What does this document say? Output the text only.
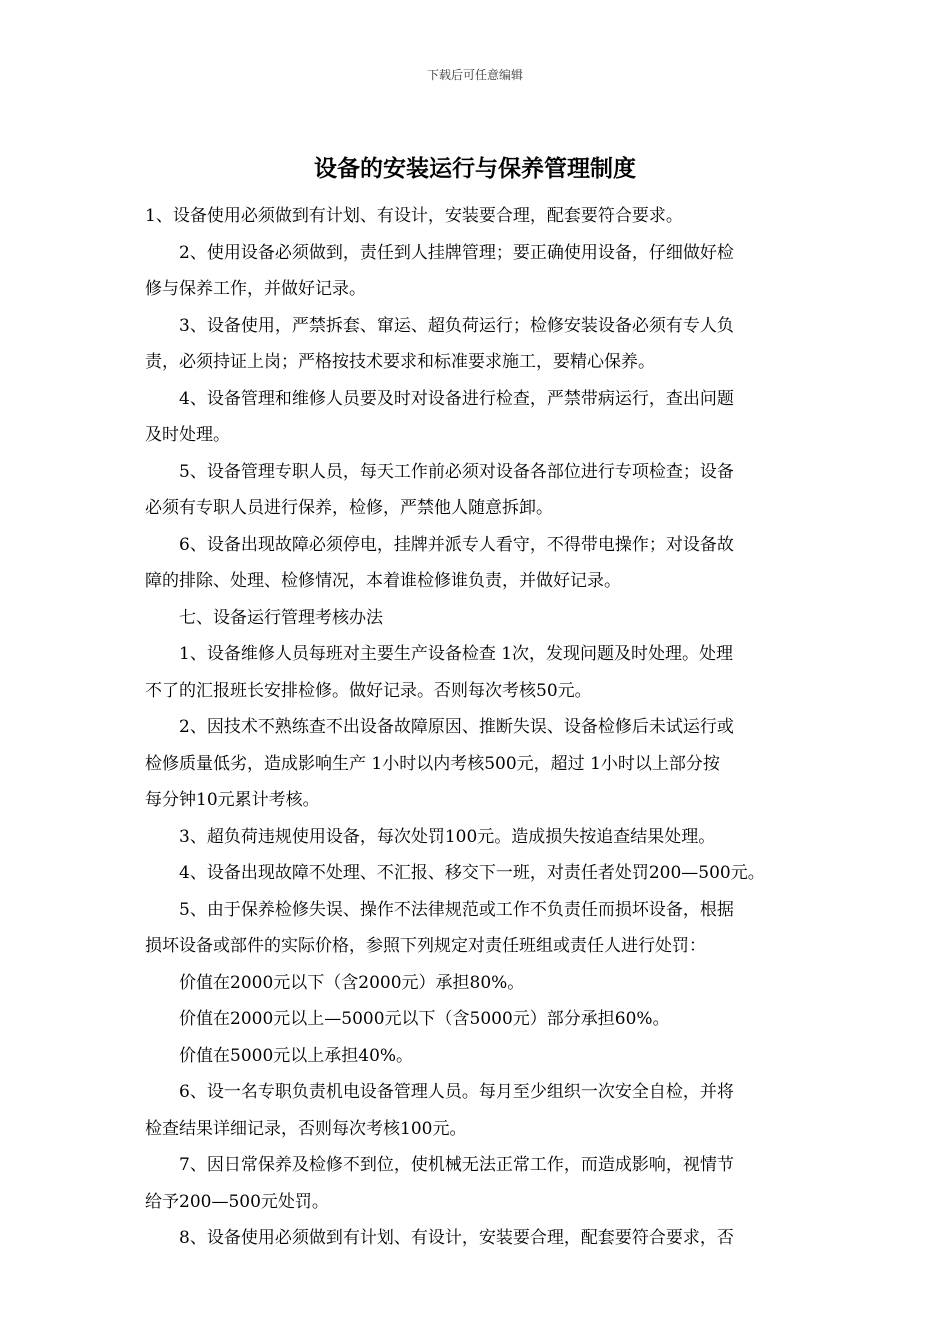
下载后可任意编辑
设备的安装运行与保养管理制度

1、设备使用必须做到有计划、有设计，安装要合理，配套要符合要求。

2、使用设备必须做到，责任到人挂牌管理；要正确使用设备，仔细做好检
修与保养工作，并做好记录。

3、设备使用，严禁拆套、窜运、超负荷运行；检修安装设备必须有专人负
责，必须持证上岗；严格按技术要求和标准要求施工，要精心保养。

4、设备管理和维修人员要及时对设备进行检查，严禁带病运行，查出问题
及时处理。

5、设备管理专职人员，每天工作前必须对设备各部位进行专项检查；设备
必须有专职人员进行保养，检修，严禁他人随意拆卸。

6、设备出现故障必须停电，挂牌并派专人看守，不得带电操作；对设备故
障的排除、处理、检修情况，本着谁检修谁负责，并做好记录。

七、设备运行管理考核办法

1、设备维修人员每班对主要生产设备检查 1次，发现问题及时处理。处理
不了的汇报班长安排检修。做好记录。否则每次考核50元。

2、因技术不熟练查不出设备故障原因、推断失误、设备检修后未试运行或
检修质量低劣，造成影响生产 1小时以内考核500元，超过 1小时以上部分按
每分钟10元累计考核。

3、超负荷违规使用设备，每次处罚100元。造成损失按追查结果处理。

4、设备出现故障不处理、不汇报、移交下一班，对责任者处罚200—500元。

5、由于保养检修失误、操作不法律规范或工作不负责任而损坏设备，根据
损坏设备或部件的实际价格，参照下列规定对责任班组或责任人进行处罚：

价值在2000元以下（含2000元）承担80%。

价值在2000元以上—5000元以下（含5000元）部分承担60%。

价值在5000元以上承担40%。

6、设一名专职负责机电设备管理人员。每月至少组织一次安全自检，并将
检查结果详细记录，否则每次考核100元。

7、因日常保养及检修不到位，使机械无法正常工作，而造成影响，视情节
给予200—500元处罚。

8、设备使用必须做到有计划、有设计，安装要合理，配套要符合要求，否
